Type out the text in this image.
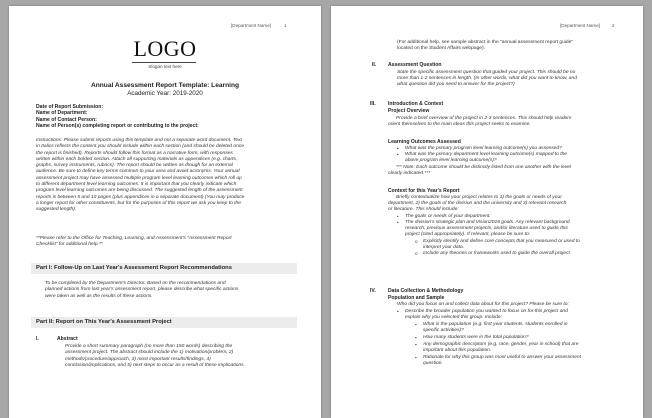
[Department Name]	1
LOGO
Slogan text here
Annual Assessment Report Template: Learning
Academic Year: 2019-2020
Date of Report Submission:
Name of Department:
Name of Contact Person:
Name of Person(s) completing report or contributing to the project:
Instructions: Please submit reports using this template and not a separate word document. Text
in Italics reflects the content you should include within each section (and should be deleted once
the report is finished). Reports should follow this format as a narrative form, with responses
written within each bolded section. Attach all supporting materials as appendices (e.g. charts,
graphs, survey instruments, rubrics). The report should be written as though for an external
audience. Be sure to define key terms common to your area and avoid acronyms. Your annual
assessment project may have assessed multiple program level learning outcomes which roll up
to different department level learning outcomes. It is important that you clearly indicate which
program level learning outcomes are being discussed. The suggested length of the assessment
reports is between 5 and 10 pages (plus appendices in a separate document) (You may produce
a longer report for other constituents, but for the purposes of this report we ask you keep to the
suggested length).
**Please refer to the Office for Teaching, Learning, and Assessment's "Assessment Report
Checklist" for additional help.**
Part I: Follow-Up on Last Year's Assessment Report Recommendations
To be completed by the Department's Director. Based on the recommendations and
planned actions from last year's assessment report, please describe what specific actions
were taken as well as the results of these actions.
Part II: Report on This Year's Assessment Project
I.	Abstract
Provide a short summary paragraph (no more than 150 words) describing the
assessment project. The abstract should include the 1) motivation/problem, 2)
methods/procedure/approach, 3) most important results/findings, 4)
conclusion/implications, and 5) next steps to occur as a result of these implications.
[Department Name]	2
(For additional help, see sample abstract in the "annual assessment report guide"
located on the Student Affairs webpage).
II. Assessment Question
State the specific assessment question that guided your project. This should be no
more than 1-2 sentences in length. (In other words, what did you want to know, and
what question did you need to answer for the project?)
III. Introduction & Context
Project Overview
Provide a brief overview of the project in 2-3 sentences. This should help readers
orient themselves to the main ideas this project seeks to examine.
Learning Outcomes Assessed
• What was the primary program level learning outcome(s) you assessed?
• What was the primary department level learning outcome(s) mapped to the
above program level learning outcome(s)?
*** Note: Each outcome should be distinctly listed from one another with the level
clearly indicated.***
Context for this Year's Report
Briefly contextualize how your project relates to 1) the goals or needs of your
department, 2) the goals of the division and the university and 3) relevant research
or literature. This should include:
• The goals or needs of your department.
• The division's strategic plan and Vision2018 goals. Any relevant background
research, previous assessment projects, and/or literature used to guide this
project (cited appropriately). If relevant, please be sure to:
o Explicitly identify and define core concepts that you measured or used to
interpret your data.
o Include any theories or frameworks used to guide the overall project.
IV. Data Collection & Methodology
Population and Sample
Who did you focus on and collect data about for this project? Please be sure to:
• Describe the broader population you wanted to focus on for this project and
explain why you selected this group. Include:
▪ What is the population (e.g. first year students, students enrolled in
specific activities)?
▪ How many students were in the total population?
▪ Any demographic descriptors (e.g. race, gender, year in school) that are
important about this population.
▪ Rationale for why this group was most useful to answer your assessment
question.
